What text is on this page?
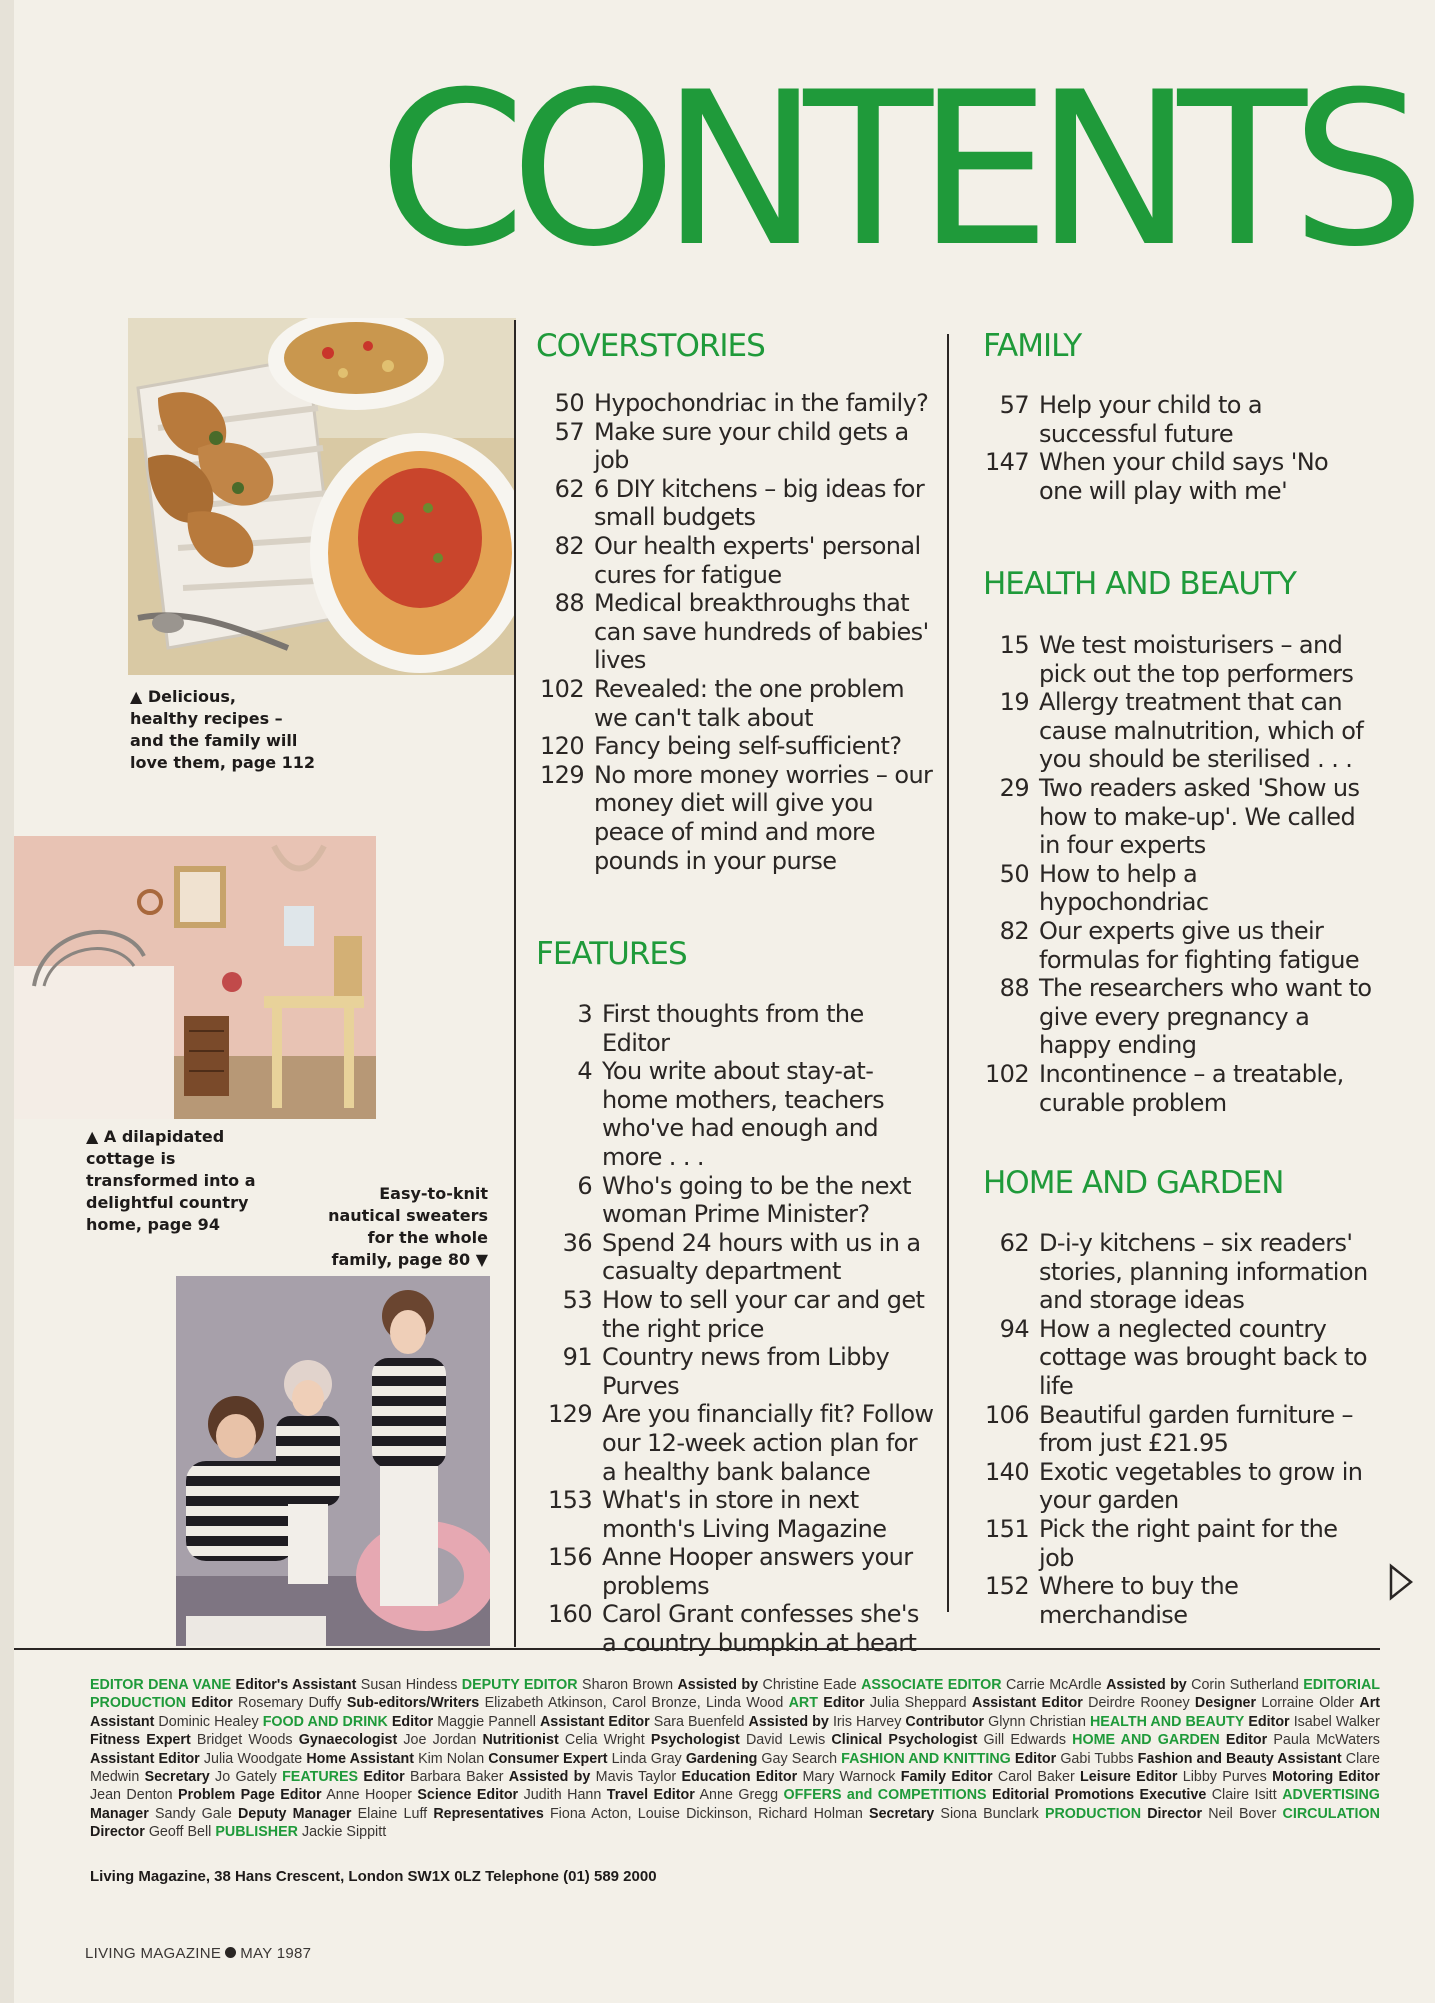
CONTENTS
▲ Delicious,
healthy recipes –
and the family will
love them, page 112
▲ A dilapidated
cottage is
transformed into a
delightful country
home, page 94
Easy-to-knit
nautical sweaters
for the whole
family, page 80 ▼
COVERSTORIES
50 Hypochondriac in the family?
57 Make sure your child gets a job
62 6 DIY kitchens – big ideas for small budgets
82 Our health experts' personal cures for fatigue
88 Medical breakthroughs that can save hundreds of babies' lives
102 Revealed: the one problem we can't talk about
120 Fancy being self-sufficient?
129 No more money worries – our money diet will give you peace of mind and more pounds in your purse
FEATURES
3 First thoughts from the Editor
4 You write about stay-at-home mothers, teachers who've had enough and more . . .
6 Who's going to be the next woman Prime Minister?
36 Spend 24 hours with us in a casualty department
53 How to sell your car and get the right price
91 Country news from Libby Purves
129 Are you financially fit? Follow our 12-week action plan for a healthy bank balance
153 What's in store in next month's Living Magazine
156 Anne Hooper answers your problems
160 Carol Grant confesses she's a country bumpkin at heart
FAMILY
57 Help your child to a successful future
147 When your child says 'No one will play with me'
HEALTH AND BEAUTY
15 We test moisturisers – and pick out the top performers
19 Allergy treatment that can cause malnutrition, which of you should be sterilised . . .
29 Two readers asked 'Show us how to make-up'. We called in four experts
50 How to help a hypochondriac
82 Our experts give us their formulas for fighting fatigue
88 The researchers who want to give every pregnancy a happy ending
102 Incontinence – a treatable, curable problem
HOME AND GARDEN
62 D-i-y kitchens – six readers' stories, planning information and storage ideas
94 How a neglected country cottage was brought back to life
106 Beautiful garden furniture – from just £21.95
140 Exotic vegetables to grow in your garden
151 Pick the right paint for the job
152 Where to buy the merchandise
EDITOR DENA VANE Editor's Assistant Susan Hindess DEPUTY EDITOR Sharon Brown Assisted by Christine Eade ASSOCIATE EDITOR Carrie McArdle Assisted by Corin Sutherland EDITORIAL PRODUCTION Editor Rosemary Duffy Sub-editors/Writers Elizabeth Atkinson, Carol Bronze, Linda Wood ART Editor Julia Sheppard Assistant Editor Deirdre Rooney Designer Lorraine Older Art Assistant Dominic Healey FOOD AND DRINK Editor Maggie Pannell Assistant Editor Sara Buenfeld Assisted by Iris Harvey Contributor Glynn Christian HEALTH AND BEAUTY Editor Isabel Walker Fitness Expert Bridget Woods Gynaecologist Joe Jordan Nutritionist Celia Wright Psychologist David Lewis Clinical Psychologist Gill Edwards HOME AND GARDEN Editor Paula McWaters Assistant Editor Julia Woodgate Home Assistant Kim Nolan Consumer Expert Linda Gray Gardening Gay Search FASHION AND KNITTING Editor Gabi Tubbs Fashion and Beauty Assistant Clare Medwin Secretary Jo Gately FEATURES Editor Barbara Baker Assisted by Mavis Taylor Education Editor Mary Warnock Family Editor Carol Baker Leisure Editor Libby Purves Motoring Editor Jean Denton Problem Page Editor Anne Hooper Science Editor Judith Hann Travel Editor Anne Gregg OFFERS and COMPETITIONS Editorial Promotions Executive Claire Isitt ADVERTISING Manager Sandy Gale Deputy Manager Elaine Luff Representatives Fiona Acton, Louise Dickinson, Richard Holman Secretary Siona Bunclark PRODUCTION Director Neil Bover CIRCULATION Director Geoff Bell PUBLISHER Jackie Sippitt
Living Magazine, 38 Hans Crescent, London SW1X 0LZ Telephone (01) 589 2000
LIVING MAGAZINE MAY 1987
